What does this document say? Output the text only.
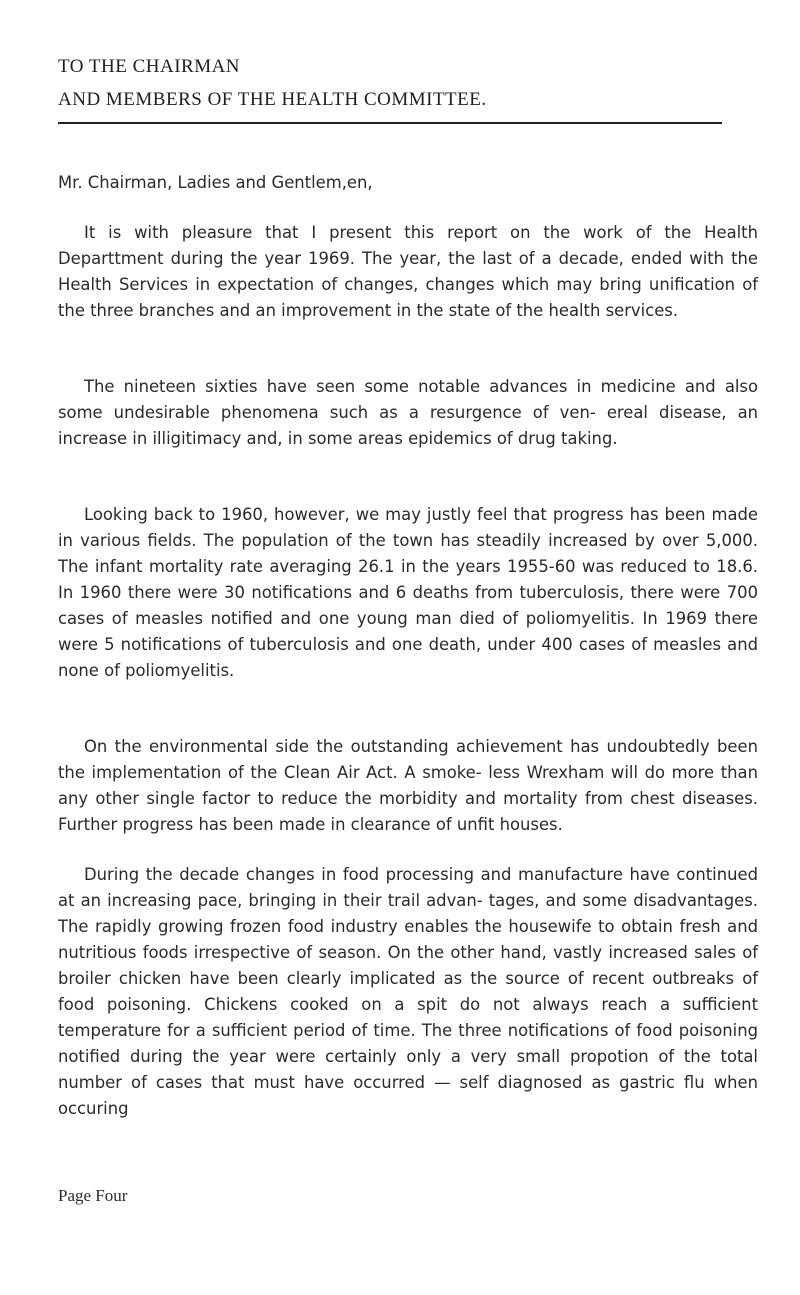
TO THE CHAIRMAN
AND MEMBERS OF THE HEALTH COMMITTEE.
Mr. Chairman, Ladies and Gentlem,en,

It is with pleasure that I present this report on the work of the Health Departtment during the year 1969. The year, the last of a decade, ended with the Health Services in expectation of changes, changes which may bring unification of the three branches and an improvement in the state of the health services.

The nineteen sixties have seen some notable advances in medicine and also some undesirable phenomena such as a resurgence of ven- ereal disease, an increase in illigitimacy and, in some areas epidemics of drug taking.

Looking back to 1960, however, we may justly feel that progress has been made in various fields. The population of the town has steadily increased by over 5,000. The infant mortality rate averaging 26.1 in the years 1955-60 was reduced to 18.6. In 1960 there were 30 notifications and 6 deaths from tuberculosis, there were 700 cases of measles notified and one young man died of poliomyelitis. In 1969 there were 5 notifications of tuberculosis and one death, under 400 cases of measles and none of poliomyelitis.

On the environmental side the outstanding achievement has undoubtedly been the implementation of the Clean Air Act. A smoke- less Wrexham will do more than any other single factor to reduce the morbidity and mortality from chest diseases. Further progress has been made in clearance of unfit houses.

During the decade changes in food processing and manufacture have continued at an increasing pace, bringing in their trail advan- tages, and some disadvantages. The rapidly growing frozen food industry enables the housewife to obtain fresh and nutritious foods irrespective of season. On the other hand, vastly increased sales of broiler chicken have been clearly implicated as the source of recent outbreaks of food poisoning. Chickens cooked on a spit do not always reach a sufficient temperature for a sufficient period of time. The three notifications of food poisoning notified during the year were certainly only a very small propotion of the total number of cases that must have occurred — self diagnosed as gastric flu when occuring

Page Four
